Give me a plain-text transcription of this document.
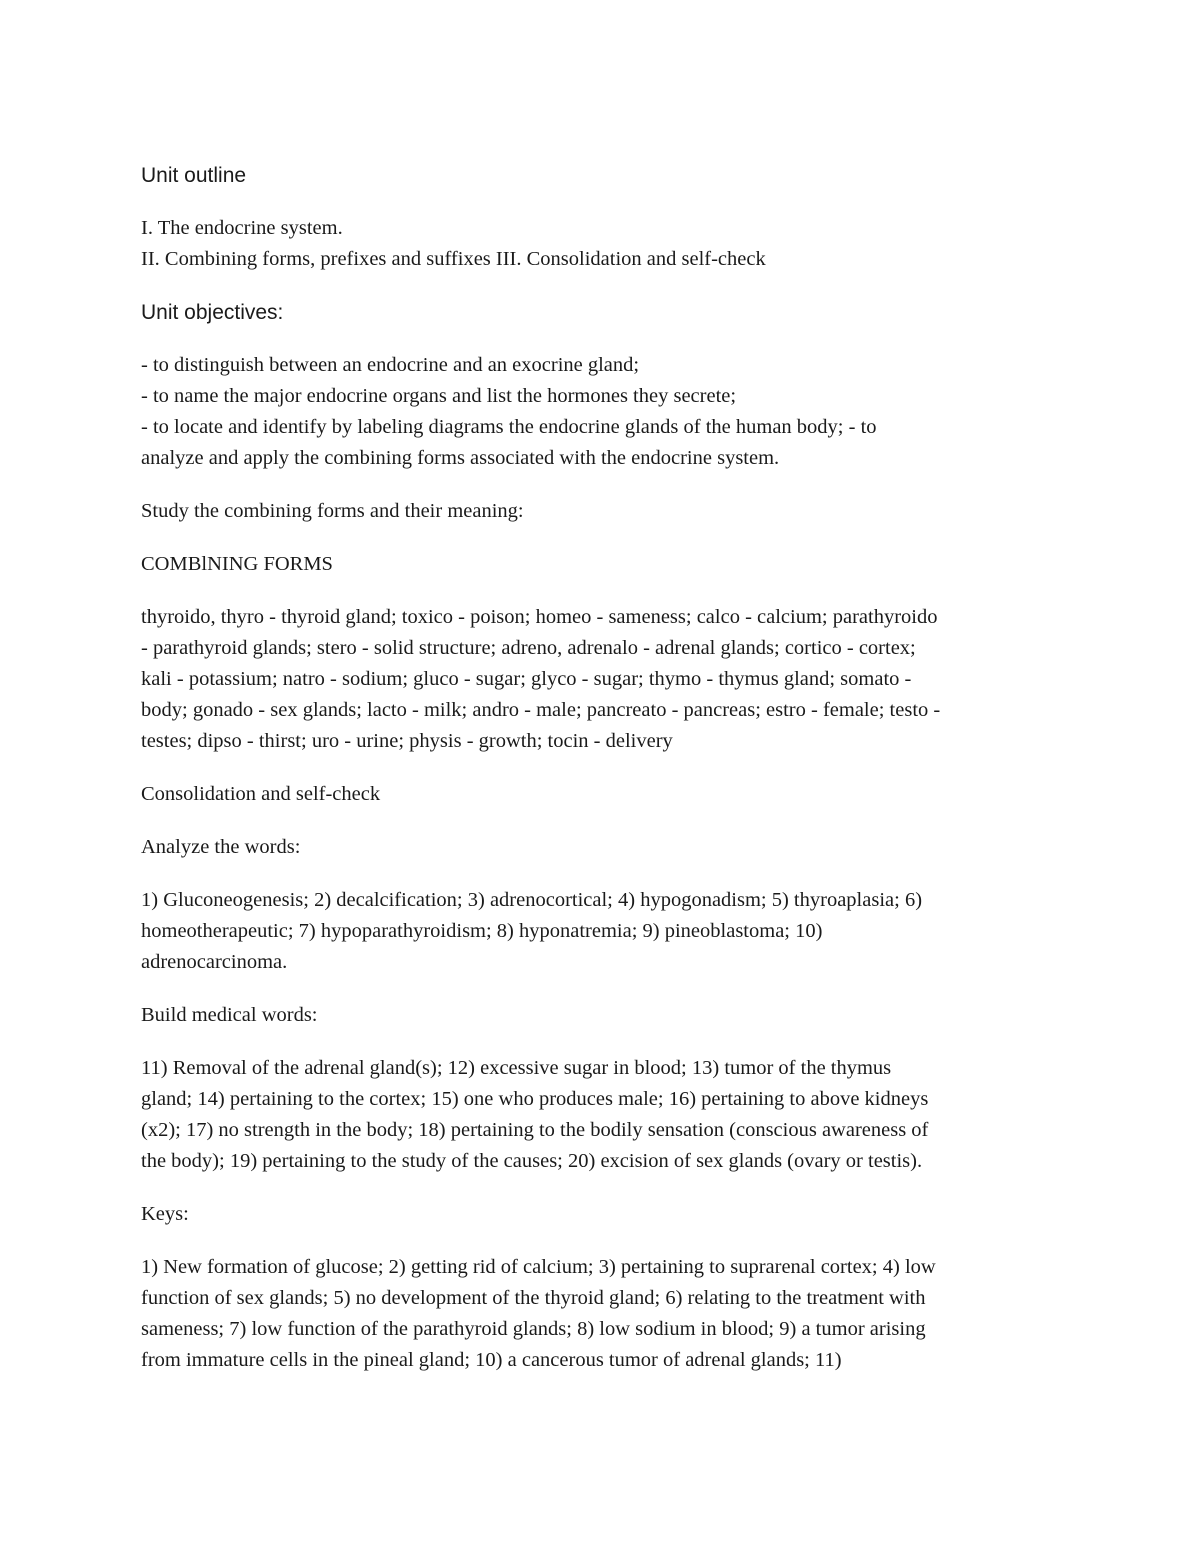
Unit outline
I. The endocrine system.
II. Combining forms, prefixes and suffixes III. Consolidation and self-check
Unit objectives:
- to distinguish between an endocrine and an exocrine gland;
- to name the major endocrine organs and list the hormones they secrete;
- to locate and identify by labeling diagrams the endocrine glands of the human body; - to
analyze and apply the combining forms associated with the endocrine system.
Study the combining forms and their meaning:
COMBlNING FORMS
thyroido, thyro - thyroid gland; toxico - poison; homeo - sameness; calco - calcium; parathyroido
- parathyroid glands; stero - solid structure; adreno, adrenalo - adrenal glands; cortico - cortex;
kali - potassium; natro - sodium; gluco - sugar; glyco - sugar; thymo - thymus gland; somato -
body; gonado - sex glands; lacto - milk; andro - male; pancreato - pancreas; estro - female; testo -
testes; dipso - thirst; uro - urine; physis - growth; tocin - delivery
Consolidation and self-check
Analyze the words:
1) Gluconeogenesis; 2) decalcification; 3) adrenocortical; 4) hypogonadism; 5) thyroaplasia; 6)
homeotherapeutic; 7) hypoparathyroidism; 8) hyponatremia; 9) pineoblastoma; 10)
adrenocarcinoma.
Build medical words:
11) Removal of the adrenal gland(s); 12) excessive sugar in blood; 13) tumor of the thymus
gland; 14) pertaining to the cortex; 15) one who produces male; 16) pertaining to above kidneys
(x2); 17) no strength in the body; 18) pertaining to the bodily sensation (conscious awareness of
the body); 19) pertaining to the study of the causes; 20) excision of sex glands (ovary or testis).
Keys:
1) New formation of glucose; 2) getting rid of calcium; 3) pertaining to suprarenal cortex; 4) low
function of sex glands; 5) no development of the thyroid gland; 6) relating to the treatment with
sameness; 7) low function of the parathyroid glands; 8) low sodium in blood; 9) a tumor arising
from immature cells in the pineal gland; 10) a cancerous tumor of adrenal glands; 11)
